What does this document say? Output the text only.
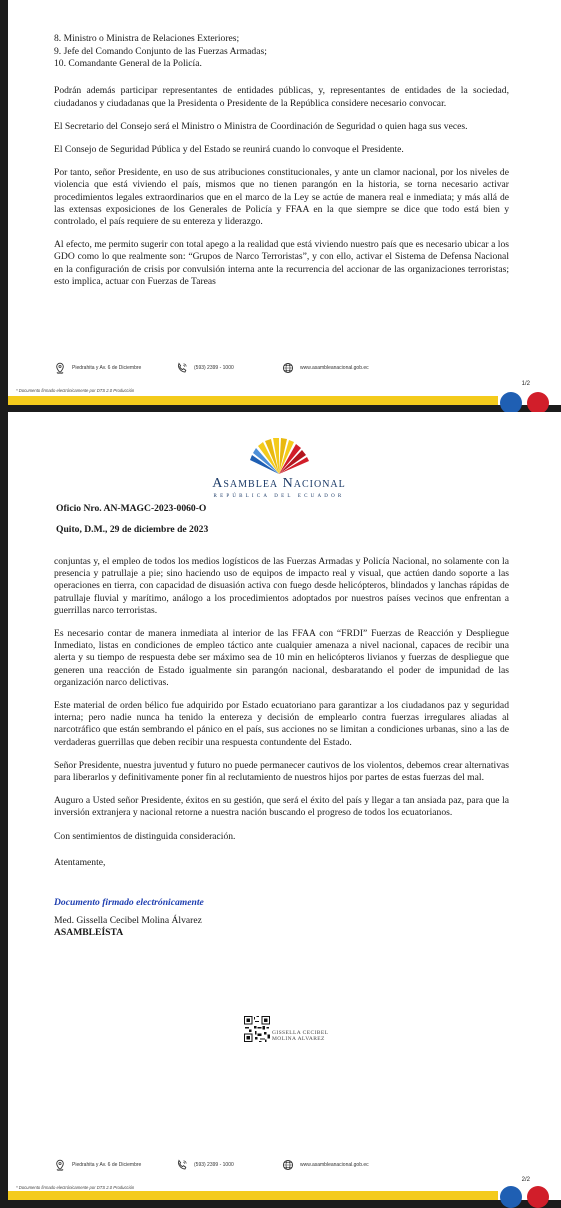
8. Ministro o Ministra de Relaciones Exteriores;

9. Jefe del Comando Conjunto de las Fuerzas Armadas;

10. Comandante General de la Policía.

Podrán además participar representantes de entidades públicas, y, representantes de entidades de la sociedad, ciudadanos y ciudadanas que la Presidenta o Presidente de la República considere necesario convocar.

El Secretario del Consejo será el Ministro o Ministra de Coordinación de Seguridad o quien haga sus veces.

El Consejo de Seguridad Pública y del Estado se reunirá cuando lo convoque el Presidente.

Por tanto, señor Presidente, en uso de sus atribuciones constitucionales, y ante un clamor nacional, por los niveles de violencia que está viviendo el país, mismos que no tienen parangón en la historia, se torna necesario activar procedimientos legales extraordinarios que en el marco de la Ley se actúe de manera real e inmediata; y más allá de las extensas exposiciones de los Generales de Policía y FFAA en la que siempre se dice que todo está bien y controlado, el país requiere de su entereza y liderazgo.

Al efecto, me permito sugerir con total apego a la realidad que está viviendo nuestro país que es necesario ubicar a los GDO como lo que realmente son: “Grupos de Narco Terroristas”, y con ello, activar el Sistema de Defensa Nacional en la configuración de crisis por convulsión interna ante la recurrencia del accionar de las organizaciones terroristas; esto implica, actuar con Fuerzas de Tareas

Piedrahita y Av. 6 de Diciembre	(593) 2399 - 1000	www.asambleanacional.gob.ec
* Documento firmado electrónicamente por DTS 2.0 Producción
1/2
Asamblea Nacional
REPÚBLICA DEL ECUADOR
Oficio Nro. AN-MAGC-2023-0060-O
Quito, D.M., 29 de diciembre de 2023

conjuntas y, el empleo de todos los medios logísticos de las Fuerzas Armadas y Policía Nacional, no solamente con la presencia y patrullaje a pie; sino haciendo uso de equipos de impacto real y visual, que actúen dando soporte a las operaciones en tierra, con capacidad de disuasión activa con fuego desde helicópteros, blindados y lanchas rápidas de patrullaje fluvial y marítimo, análogo a los procedimientos adoptados por nuestros países vecinos que enfrentan a guerrillas narco terroristas.

Es necesario contar de manera inmediata al interior de las FFAA con “FRDI” Fuerzas de Reacción y Despliegue Inmediato, listas en condiciones de empleo táctico ante cualquier amenaza a nivel nacional, capaces de recibir una alerta y su tiempo de respuesta debe ser máximo sea de 10 min en helicópteros livianos y fuerzas de despliegue que generen una reacción de Estado igualmente sin parangón nacional, desbaratando el poder de impunidad de las organización narco delictivas.

Este material de orden bélico fue adquirido por Estado ecuatoriano para garantizar a los ciudadanos paz y seguridad interna; pero nadie nunca ha tenido la entereza y decisión de emplearlo contra fuerzas irregulares aliadas al narcotráfico que están sembrando el pánico en el país, sus acciones no se limitan a condiciones urbanas, sino a las de verdaderas guerrillas que deben recibir una respuesta contundente del Estado.

Señor Presidente, nuestra juventud y futuro no puede permanecer cautivos de los violentos, debemos crear alternativas para liberarlos y definitivamente poner fin al reclutamiento de nuestros hijos por partes de estas fuerzas del mal.

Auguro a Usted señor Presidente, éxitos en su gestión, que será el éxito del país y llegar a tan ansiada paz, para que la inversión extranjera y nacional retorne a nuestra nación buscando el progreso de todos los ecuatorianos.

Con sentimientos de distinguida consideración.

Atentamente,

Documento firmado electrónicamente

Med. Gissella Cecibel Molina Álvarez

ASAMBLEÍSTA

GISSELLA CECIBEL
MOLINA ALVAREZ
Piedrahita y Av. 6 de Diciembre	(593) 2399 - 1000	www.asambleanacional.gob.ec
* Documento firmado electrónicamente por DTS 2.0 Producción
2/2
